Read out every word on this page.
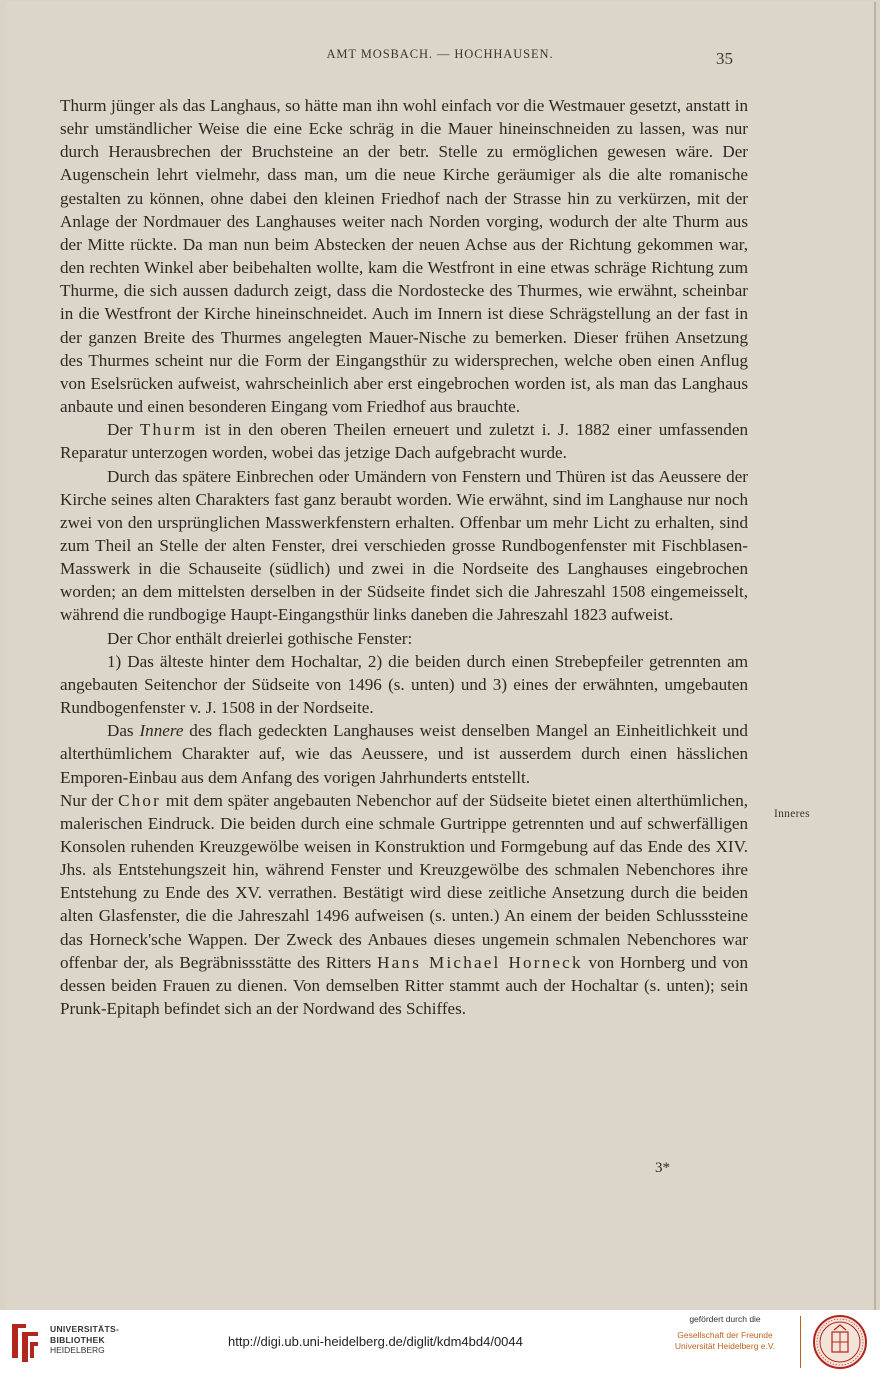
AMT MOSBACH. — HOCHHAUSEN.	35

Thurm jünger als das Langhaus, so hätte man ihn wohl einfach vor die Westmauer gesetzt, anstatt in sehr umständlicher Weise die eine Ecke schräg in die Mauer hineinschneiden zu lassen, was nur durch Herausbrechen der Bruchsteine an der betr. Stelle zu ermöglichen gewesen wäre. Der Augenschein lehrt vielmehr, dass man, um die neue Kirche geräumiger als die alte romanische gestalten zu können, ohne dabei den kleinen Friedhof nach der Strasse hin zu verkürzen, mit der Anlage der Nordmauer des Langhauses weiter nach Norden vorging, wodurch der alte Thurm aus der Mitte rückte. Da man nun beim Abstecken der neuen Achse aus der Richtung gekommen war, den rechten Winkel aber beibehalten wollte, kam die Westfront in eine etwas schräge Richtung zum Thurme, die sich aussen dadurch zeigt, dass die Nordostecke des Thurmes, wie erwähnt, scheinbar in die Westfront der Kirche hineinschneidet. Auch im Innern ist diese Schrägstellung an der fast in der ganzen Breite des Thurmes angelegten Mauer-Nische zu bemerken. Dieser frühen Ansetzung des Thurmes scheint nur die Form der Eingangsthür zu widersprechen, welche oben einen Anflug von Eselsrücken aufweist, wahrscheinlich aber erst eingebrochen worden ist, als man das Langhaus anbaute und einen besonderen Eingang vom Friedhof aus brauchte.

Der Thurm ist in den oberen Theilen erneuert und zuletzt i. J. 1882 einer umfassenden Reparatur unterzogen worden, wobei das jetzige Dach aufgebracht wurde.

Durch das spätere Einbrechen oder Umändern von Fenstern und Thüren ist das Aeussere der Kirche seines alten Charakters fast ganz beraubt worden. Wie erwähnt, sind im Langhause nur noch zwei von den ursprünglichen Masswerkfenstern erhalten. Offenbar um mehr Licht zu erhalten, sind zum Theil an Stelle der alten Fenster, drei verschieden grosse Rundbogenfenster mit Fischblasen-Masswerk in die Schauseite (südlich) und zwei in die Nordseite des Langhauses eingebrochen worden; an dem mittelsten derselben in der Südseite findet sich die Jahreszahl 1508 eingemeisselt, während die rundbogige Haupt-Eingangsthür links daneben die Jahreszahl 1823 aufweist.

Der Chor enthält dreierlei gothische Fenster:

1) Das älteste hinter dem Hochaltar, 2) die beiden durch einen Strebepfeiler getrennten am angebauten Seitenchor der Südseite von 1496 (s. unten) und 3) eines der erwähnten, umgebauten Rundbogenfenster v. J. 1508 in der Nordseite.

Das Innere des flach gedeckten Langhauses weist denselben Mangel an Einheitlichkeit und alterthümlichem Charakter auf, wie das Aeussere, und ist ausserdem durch einen hässlichen Emporen-Einbau aus dem Anfang des vorigen Jahrhunderts entstellt.

Nur der Chor mit dem später angebauten Nebenchor auf der Südseite bietet einen alterthümlichen, malerischen Eindruck. Die beiden durch eine schmale Gurtrippe getrennten und auf schwerfälligen Konsolen ruhenden Kreuzgewölbe weisen in Konstruktion und Formgebung auf das Ende des XIV. Jhs. als Entstehungszeit hin, während Fenster und Kreuzgewölbe des schmalen Nebenchores ihre Entstehung zu Ende des XV. verrathen. Bestätigt wird diese zeitliche Ansetzung durch die beiden alten Glasfenster, die die Jahreszahl 1496 aufweisen (s. unten.) An einem der beiden Schlusssteine das Horneck'sche Wappen. Der Zweck des Anbaues dieses ungemein schmalen Nebenchores war offenbar der, als Begräbnissstätte des Ritters Hans Michael Horneck von Hornberg und von dessen beiden Frauen zu dienen. Von demselben Ritter stammt auch der Hochaltar (s. unten); sein Prunk-Epitaph befindet sich an der Nordwand des Schiffes.

Inneres
3*
UNIVERSITÄTS-
BIBLIOTHEK
HEIDELBERG
http://digi.ub.uni-heidelberg.de/diglit/kdm4bd4/0044
gefördert durch die
Gesellschaft der Freunde
Universität Heidelberg e.V.
